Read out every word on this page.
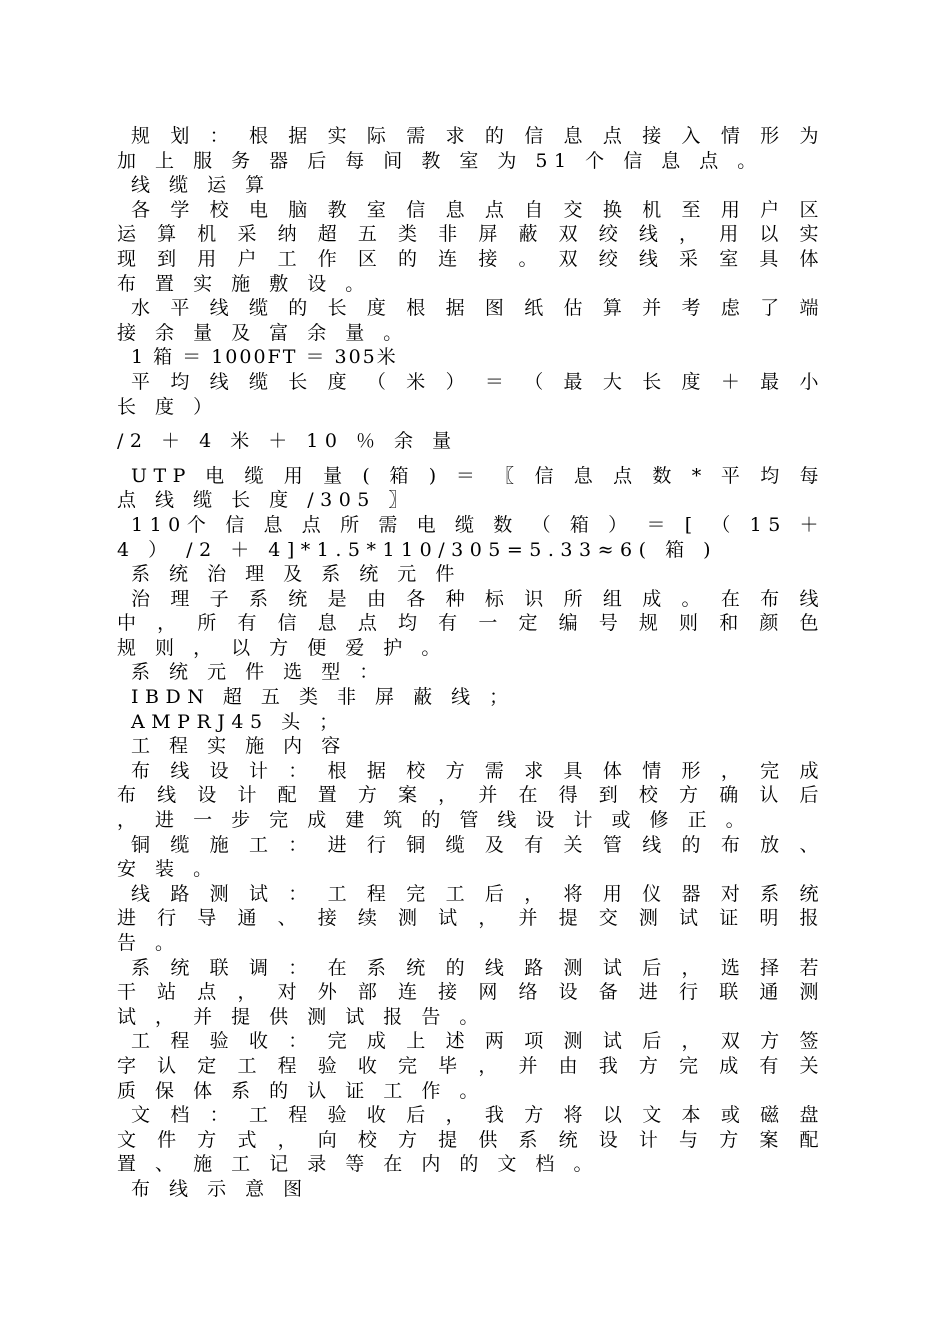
规 划 ： 根 据 实 际 需 求 的 信 息 点 接 入 情 形 为 加 上 服 务 器 后 每 间 教 室 为 51 个 信 息 点 。

线 缆 运 算

各 学 校 电 脑 教 室 信 息 点 自 交 换 机 至 用 户 区 运 算 机 采 纳 超 五 类 非 屏 蔽 双 绞 线 ， 用 以 实 现 到 用 户 工 作 区 的 连 接 。 双 绞 线 采 室 具 体 布 置 实 施 敷 设 。

水 平 线 缆 的 长 度 根 据 图 纸 估 算 并 考 虑 了 端 接 余 量 及 富 余 量 。

1 箱 ＝ 1000FT ＝ 305米

平 均 线 缆 长 度 （ 米 ） ＝ （ 最 大 长 度 ＋ 最 小 长 度 ）

/2 ＋ 4 米 ＋ 10 ％ 余 量

UTP 电 缆 用 量 ( 箱 ) ＝ 〖 信 息 点 数 * 平 均 每 点 线 缆 长 度 /305 〗

110个 信 息 点 所 需 电 缆 数 （ 箱 ） ＝ [ （ 15 ＋ 4 ） /2 ＋ 4]*1.5*110/305=5.33≈6( 箱 )

系 统 治 理 及 系 统 元 件

治 理 子 系 统 是 由 各 种 标 识 所 组 成 。 在 布 线 中 ， 所 有 信 息 点 均 有 一 定 编 号 规 则 和 颜 色 规 则 ， 以 方 便 爱 护 。

系 统 元 件 选 型 ：

IBDN 超 五 类 非 屏 蔽 线 ；

AMPRJ45 头 ；

工 程 实 施 内 容

布 线 设 计 ： 根 据 校 方 需 求 具 体 情 形 ， 完 成 布 线 设 计 配 置 方 案 ， 并 在 得 到 校 方 确 认 后 ， 进 一 步 完 成 建 筑 的 管 线 设 计 或 修 正 。

铜 缆 施 工 ： 进 行 铜 缆 及 有 关 管 线 的 布 放 、 安 装 。

线 路 测 试 ： 工 程 完 工 后 ， 将 用 仪 器 对 系 统 进 行 导 通 、 接 续 测 试 ， 并 提 交 测 试 证 明 报 告 。

系 统 联 调 ： 在 系 统 的 线 路 测 试 后 ， 选 择 若 干 站 点 ， 对 外 部 连 接 网 络 设 备 进 行 联 通 测 试 ， 并 提 供 测 试 报 告 。

工 程 验 收 ： 完 成 上 述 两 项 测 试 后 ， 双 方 签 字 认 定 工 程 验 收 完 毕 ， 并 由 我 方 完 成 有 关 质 保 体 系 的 认 证 工 作 。

文 档 ： 工 程 验 收 后 ， 我 方 将 以 文 本 或 磁 盘 文 件 方 式 ， 向 校 方 提 供 系 统 设 计 与 方 案 配 置 、 施 工 记 录 等 在 内 的 文 档 。

布 线 示 意 图
